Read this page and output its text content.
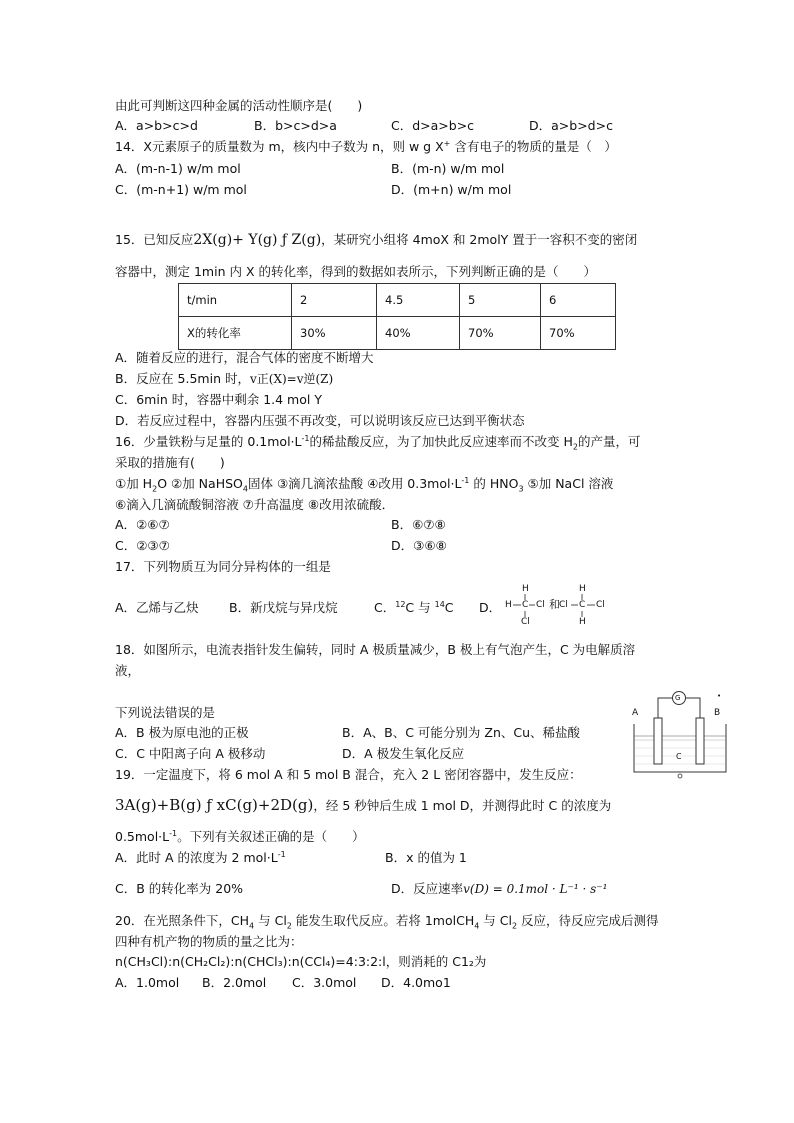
由此可判断这四种金属的活动性顺序是(　　)
A．a>b>c>d	B．b>c>d>a	C．d>a>b>c	D．a>b>d>c
14．X元素原子的质量数为 m，核内中子数为 n，则 w g X+ 含有电子的物质的量是（　）
A．(m-n-1) w/m mol	B．(m-n) w/m mol
C．(m-n+1) w/m mol	D．(m+n) w/m mol
15．已知反应2X(g)+ Y(g) ƒ Z(g)，某研究小组将 4moX 和 2molY 置于一容积不变的密闭
容器中，测定 1min 内 X 的转化率，得到的数据如表所示，下列判断正确的是（　　）
t/min	2	4.5	5	6
X的转化率	30%	40%	70%	70%
A．随着反应的进行，混合气体的密度不断增大
B．反应在 5.5min 时，v正(X)=v逆(Z)
C．6min 时，容器中剩余 1.4 mol Y
D．若反应过程中，容器内压强不再改变，可以说明该反应已达到平衡状态
16．少量铁粉与足量的 $0.1mol\cdot L^{-1}$的稀盐酸反应，为了加快此反应速率而不改变 $H_2$的产量，可
采取的措施有(　　)
①加 $H_2O$ ②加 NaHSO$_4$固体 ③滴几滴浓盐酸 ④改用 $0.3mol\cdot L^{-1}$ 的 $HNO_3$ ⑤加 NaCl 溶液
⑥滴入几滴硫酸铜溶液 ⑦升高温度 ⑧改用浓硫酸．
A．②⑥⑦	B．⑥⑦⑧
C．②③⑦	D．③⑥⑧
17．下列物质互为同分异构体的一组是
A．乙烯与乙炔 B．新戊烷与异戊烷	C．$^{12}$C 与 $^{14}$C D．
H
H C Cl
Cl
和
H
Cl C Cl
H
18．如图所示，电流表指针发生偏转，同时 A 极质量减少，B 极上有气泡产生，C 为电解质溶
液，
下列说法错误的是
A．B 极为原电池的正极	B．A、B、C 可能分别为 Zn、Cu、稀盐酸
C．C 中阳离子向 A 极移动	D．A 极发生氧化反应
G
A	B
C
•
19．一定温度下，将 6 mol A 和 5 mol B 混合，充入 2 L 密闭容器中，发生反应：
3A(g)+B(g) ƒ xC(g)+2D(g)，经 5 秒钟后生成 1 mol D，并测得此时 C 的浓度为
$0.5mol\cdot L^{-1}$。下列有关叙述正确的是（　　）
A．此时 A 的浓度为 2 $mol\cdot L^{-1}$	B．x 的值为 1
C．B 的转化率为 20%	D．反应速率v(D) = 0.1mol · L⁻¹ · s⁻¹
20．在光照条件下，$CH_4$ 与 $Cl_2$ 能发生取代反应。若将 1molCH$_4$ 与 $Cl_2$ 反应，待反应完成后测得
四种有机产物的物质的量之比为：
n(CH₃Cl):n(CH₂Cl₂):n(CHCl₃):n(CCl₄)=4:3:2:l，则消耗的 C1₂为
A．1.0mol B．2.0mol C．3.0mol D．4.0mo1
